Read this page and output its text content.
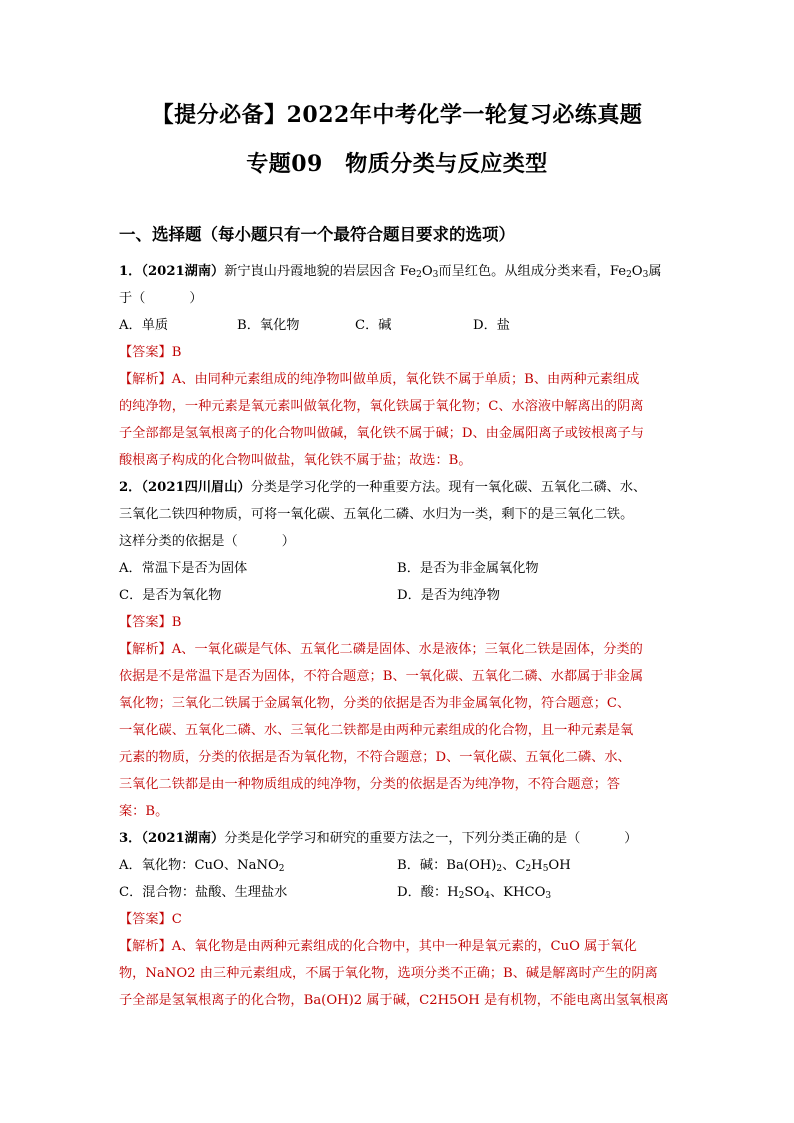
【提分必备】2022年中考化学一轮复习必练真题
专题09　物质分类与反应类型
一、选择题（每小题只有一个最符合题目要求的选项）

1．（2021湖南）新宁崀山丹霞地貌的岩层因含 $Fe_2O_3$而呈红色。从组成分类来看，$Fe_2O_3$属

于（	）

A．单质	B．氧化物	C．碱	D．盐

【答案】B

【解析】A、由同种元素组成的纯净物叫做单质，氧化铁不属于单质；B、由两种元素组成

的纯净物，一种元素是氧元素叫做氧化物，氧化铁属于氧化物；C、水溶液中解离出的阴离

子全部都是氢氧根离子的化合物叫做碱，氧化铁不属于碱；D、由金属阳离子或铵根离子与

酸根离子构成的化合物叫做盐，氧化铁不属于盐；故选：B。

2．（2021四川眉山）分类是学习化学的一种重要方法。现有一氧化碳、五氧化二磷、水、

三氧化二铁四种物质，可将一氧化碳、五氧化二磷、水归为一类，剩下的是三氧化二铁。

这样分类的依据是（	）

A．常温下是否为固体	B．是否为非金属氧化物

C．是否为氧化物	D．是否为纯净物

【答案】B

【解析】A、一氧化碳是气体、五氧化二磷是固体、水是液体；三氧化二铁是固体，分类的

依据是不是常温下是否为固体，不符合题意；B、一氧化碳、五氧化二磷、水都属于非金属

氧化物；三氧化二铁属于金属氧化物，分类的依据是否为非金属氧化物，符合题意；C、

一氧化碳、五氧化二磷、水、三氧化二铁都是由两种元素组成的化合物，且一种元素是氧

元素的物质，分类的依据是否为氧化物，不符合题意；D、一氧化碳、五氧化二磷、水、

三氧化二铁都是由一种物质组成的纯净物，分类的依据是否为纯净物，不符合题意；答

案：B。

3．（2021湖南）分类是化学学习和研究的重要方法之一，下列分类正确的是（	）

A．氧化物：CuO、NaNO$_2$	B．碱：$Ba(OH)_2$、$C_2H_5OH$

C．混合物：盐酸、生理盐水	D．酸：$H_2SO_4$、$KHCO_3$

【答案】C

【解析】A、氧化物是由两种元素组成的化合物中，其中一种是氧元素的，CuO 属于氧化

物，NaNO2 由三种元素组成，不属于氧化物，选项分类不正确；B、碱是解离时产生的阴离

子全部是氢氧根离子的化合物，Ba(OH)2 属于碱，C2H5OH 是有机物，不能电离出氢氧根离
